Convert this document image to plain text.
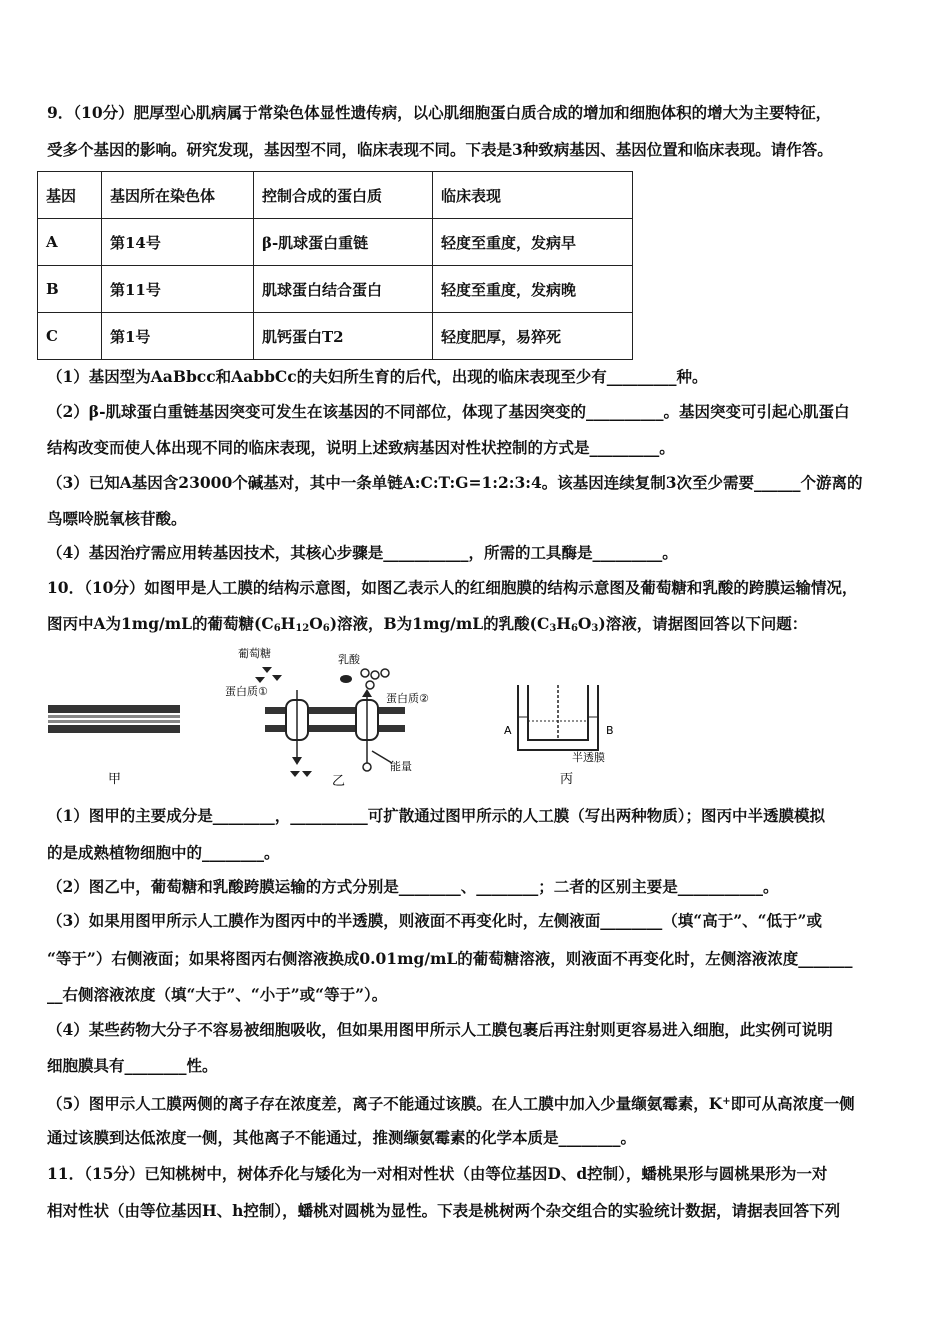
9．（10分）肥厚型心肌病属于常染色体显性遗传病，以心肌细胞蛋白质合成的增加和细胞体积的增大为主要特征，
受多个基因的影响。研究发现，基因型不同，临床表现不同。下表是3种致病基因、基因位置和临床表现。请作答。
基因	基因所在染色体	控制合成的蛋白质	临床表现
A	第14号	β-肌球蛋白重链	轻度至重度，发病早
B	第11号	肌球蛋白结合蛋白	轻度至重度，发病晚
C	第1号	肌钙蛋白T2	轻度肥厚，易猝死
（1）基因型为AaBbcc和AabbCc的夫妇所生育的后代，出现的临床表现至少有_________种。
（2）β-肌球蛋白重链基因突变可发生在该基因的不同部位，体现了基因突变的__________。基因突变可引起心肌蛋白
结构改变而使人体出现不同的临床表现，说明上述致病基因对性状控制的方式是_________。
（3）已知A基因含23000个碱基对，其中一条单链A:C:T:G=1:2:3:4。该基因连续复制3次至少需要______个游离的
鸟嘌呤脱氧核苷酸。
（4）基因治疗需应用转基因技术，其核心步骤是___________，所需的工具酶是_________。
10．（10分）如图甲是人工膜的结构示意图，如图乙表示人的红细胞膜的结构示意图及葡萄糖和乳酸的跨膜运输情况，
图丙中A为1mg/mL的葡萄糖$(C_6H_{12}O_6)$溶液，B为1mg/mL的乳酸$(C_3H_6O_3)$溶液，请据图回答以下问题：
甲
葡萄糖	乳酸
蛋白质①
蛋白质②
能量
乙
A	B
半透膜
丙
（1）图甲的主要成分是________，__________可扩散通过图甲所示的人工膜（写出两种物质）；图丙中半透膜模拟
的是成熟植物细胞中的________。
（2）图乙中，葡萄糖和乳酸跨膜运输的方式分别是________、________；二者的区别主要是___________。
（3）如果用图甲所示人工膜作为图丙中的半透膜，则液面不再变化时，左侧液面________（填“高于”、“低于”或
“等于”）右侧液面；如果将图丙右侧溶液换成0.01mg/mL的葡萄糖溶液，则液面不再变化时，左侧溶液浓度_______
__右侧溶液浓度（填“大于”、“小于”或“等于”）。
（4）某些药物大分子不容易被细胞吸收，但如果用图甲所示人工膜包裹后再注射则更容易进入细胞，此实例可说明
细胞膜具有________性。
（5）图甲示人工膜两侧的离子存在浓度差，离子不能通过该膜。在人工膜中加入少量缬氨霉素，K+即可从高浓度一侧
通过该膜到达低浓度一侧，其他离子不能通过，推测缬氨霉素的化学本质是________。
11．（15分）已知桃树中，树体乔化与矮化为一对相对性状（由等位基因D、d控制），蟠桃果形与圆桃果形为一对
相对性状（由等位基因H、h控制），蟠桃对圆桃为显性。下表是桃树两个杂交组合的实验统计数据，请据表回答下列
